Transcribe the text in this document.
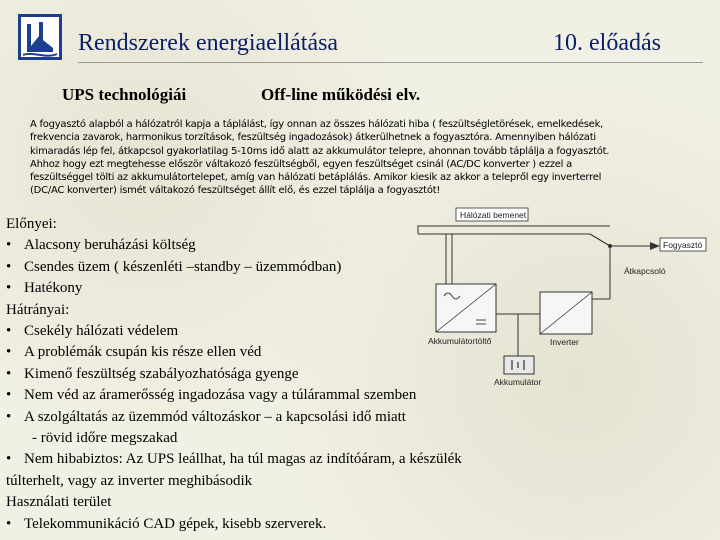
Rendszerek energiaellátása	10. előadás
UPS technológiái	Off-line működési elv.
A fogyasztó alapból a hálózatról kapja a táplálást, így onnan az összes hálózati hiba ( feszültségletörések, emelkedések,
frekvencia zavarok, harmonikus torzítások, feszültség ingadozások) átkerülhetnek a fogyasztóra. Amennyiben hálózati
kimaradás lép fel, átkapcsol gyakorlatilag 5-10ms idő alatt az akkumulátor telepre, ahonnan tovább táplálja a fogyasztót.
Ahhoz hogy ezt megtehesse először váltakozó feszültségből, egyen feszültséget csinál (AC/DC konverter ) ezzel a
feszültséggel tölti az akkumulátortelepet, amíg van hálózati betáplálás. Amikor kiesik az akkor a telepről egy inverterrel
(DC/AC konverter) ismét váltakozó feszültséget állít elő, és ezzel táplálja a fogyasztót!
Előnyei:
• Alacsony beruházási költség
• Csendes üzem ( készenléti –standby – üzemmódban)
• Hatékony
Hátrányai:
• Csekély hálózati védelem
• A problémák csupán kis része ellen véd
• Kimenő feszültség szabályozhatósága gyenge
• Nem véd az áramerősség ingadozása vagy a túlárammal szemben
• A szolgáltatás az üzemmód változáskor – a kapcsolási idő miatt
- rövid időre megszakad
• Nem hibabiztos: Az UPS leállhat, ha túl magas az indítóáram, a készülék
túlterhelt, vagy az inverter meghibásodik
Használati terület
• Telekommunikáció CAD gépek, kisebb szerverek.
Hálózati bemenet
Fogyasztó
Átkapcsoló
Akkumulátortöltő	Inverter
Akkumulátor
